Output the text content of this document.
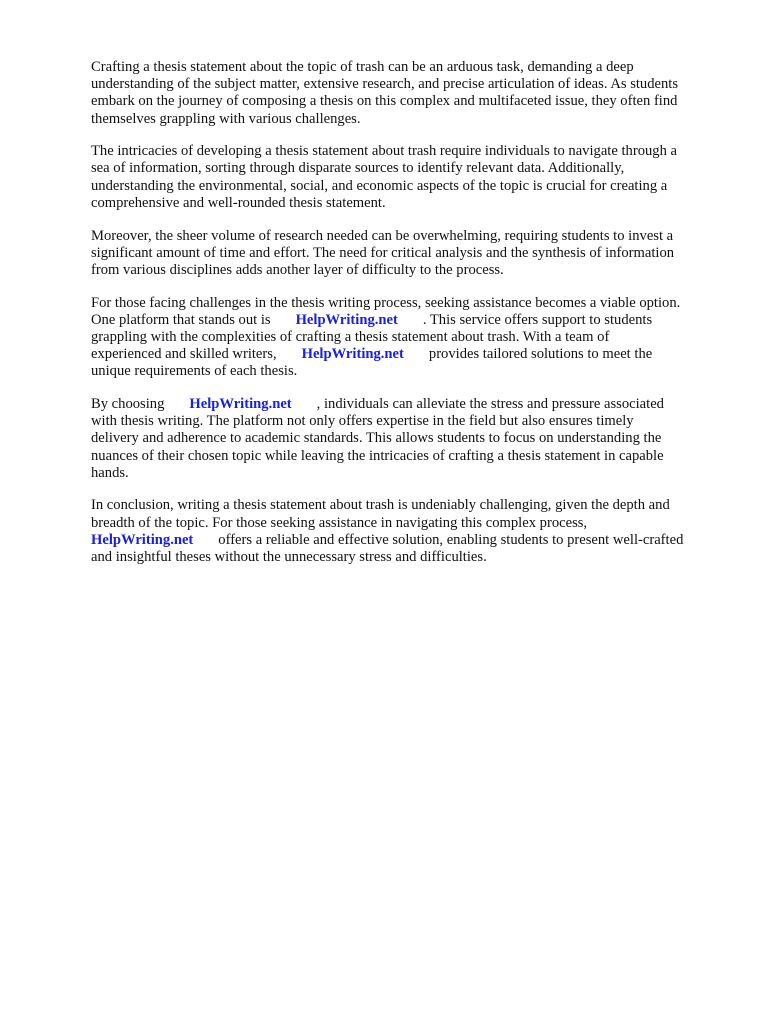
Crafting a thesis statement about the topic of trash can be an arduous task, demanding a deep
understanding of the subject matter, extensive research, and precise articulation of ideas. As students
embark on the journey of composing a thesis on this complex and multifaceted issue, they often find
themselves grappling with various challenges.
The intricacies of developing a thesis statement about trash require individuals to navigate through a
sea of information, sorting through disparate sources to identify relevant data. Additionally,
understanding the environmental, social, and economic aspects of the topic is crucial for creating a
comprehensive and well-rounded thesis statement.
Moreover, the sheer volume of research needed can be overwhelming, requiring students to invest a
significant amount of time and effort. The need for critical analysis and the synthesis of information
from various disciplines adds another layer of difficulty to the process.
For those facing challenges in the thesis writing process, seeking assistance becomes a viable option.
One platform that stands out is HelpWriting.net . This service offers support to students
grappling with the complexities of crafting a thesis statement about trash. With a team of
experienced and skilled writers, HelpWriting.net provides tailored solutions to meet the
unique requirements of each thesis.
By choosing HelpWriting.net , individuals can alleviate the stress and pressure associated
with thesis writing. The platform not only offers expertise in the field but also ensures timely
delivery and adherence to academic standards. This allows students to focus on understanding the
nuances of their chosen topic while leaving the intricacies of crafting a thesis statement in capable
hands.
In conclusion, writing a thesis statement about trash is undeniably challenging, given the depth and
breadth of the topic. For those seeking assistance in navigating this complex process,
HelpWriting.net offers a reliable and effective solution, enabling students to present well-crafted
and insightful theses without the unnecessary stress and difficulties.
